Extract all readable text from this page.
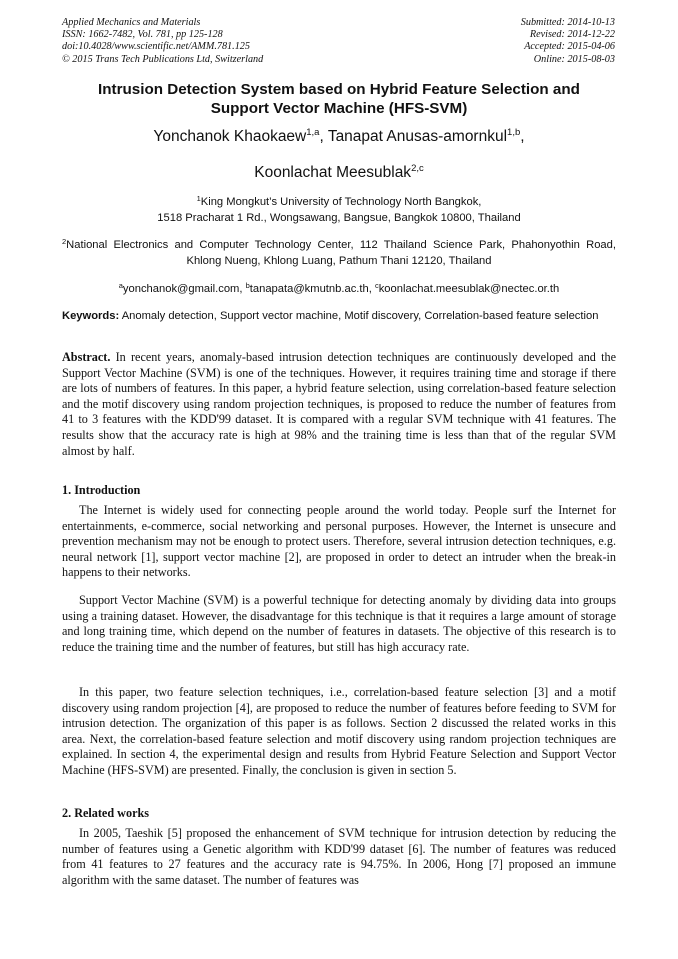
Applied Mechanics and Materials
ISSN: 1662-7482, Vol. 781, pp 125-128
doi:10.4028/www.scientific.net/AMM.781.125
© 2015 Trans Tech Publications Ltd, Switzerland
Submitted: 2014-10-13
Revised: 2014-12-22
Accepted: 2015-04-06
Online: 2015-08-03
Intrusion Detection System based on Hybrid Feature Selection and
Support Vector Machine (HFS-SVM)
Yonchanok Khaokaew$^{1,a}$, Tanapat Anusas-amornkul$^{1,b}$,
Koonlachat Meesublak$^{2,c}$
$^1$King Mongkut’s University of Technology North Bangkok,
1518 Pracharat 1 Rd., Wongsawang, Bangsue, Bangkok 10800, Thailand
$^2$National Electronics and Computer Technology Center, 112 Thailand Science Park, Phahonyothin Road, Khlong Nueng, Khlong Luang, Pathum Thani 12120, Thailand
$^a$yonchanok@gmail.com, $^b$tanapata@kmutnb.ac.th, $^c$koonlachat.meesublak@nectec.or.th
Keywords: Anomaly detection, Support vector machine, Motif discovery, Correlation-based feature selection
Abstract. In recent years, anomaly-based intrusion detection techniques are continuously developed and the Support Vector Machine (SVM) is one of the techniques. However, it requires training time and storage if there are lots of numbers of features. In this paper, a hybrid feature selection, using correlation-based feature selection and the motif discovery using random projection techniques, is proposed to reduce the number of features from 41 to 3 features with the KDD'99 dataset. It is compared with a regular SVM technique with 41 features. The results show that the accuracy rate is high at 98% and the training time is less than that of the regular SVM almost by half.
1. Introduction
The Internet is widely used for connecting people around the world today. People surf the Internet for entertainments, e-commerce, social networking and personal purposes. However, the Internet is unsecure and prevention mechanism may not be enough to protect users. Therefore, several intrusion detection techniques, e.g. neural network [1], support vector machine [2], are proposed in order to detect an intruder when the break-in happens to their networks.
Support Vector Machine (SVM) is a powerful technique for detecting anomaly by dividing data into groups using a training dataset. However, the disadvantage for this technique is that it requires a large amount of storage and long training time, which depend on the number of features in datasets. The objective of this research is to reduce the training time and the number of features, but still has high accuracy rate.
In this paper, two feature selection techniques, i.e., correlation-based feature selection [3] and a motif discovery using random projection [4], are proposed to reduce the number of features before feeding to SVM for intrusion detection. The organization of this paper is as follows. Section 2 discussed the related works in this area. Next, the correlation-based feature selection and motif discovery using random projection techniques are explained. In section 4, the experimental design and results from Hybrid Feature Selection and Support Vector Machine (HFS-SVM) are presented. Finally, the conclusion is given in section 5.
2. Related works
In 2005, Taeshik [5] proposed the enhancement of SVM technique for intrusion detection by reducing the number of features using a Genetic algorithm with KDD'99 dataset [6]. The number of features was reduced from 41 features to 27 features and the accuracy rate is 94.75%. In 2006, Hong [7] proposed an immune algorithm with the same dataset. The number of features was
